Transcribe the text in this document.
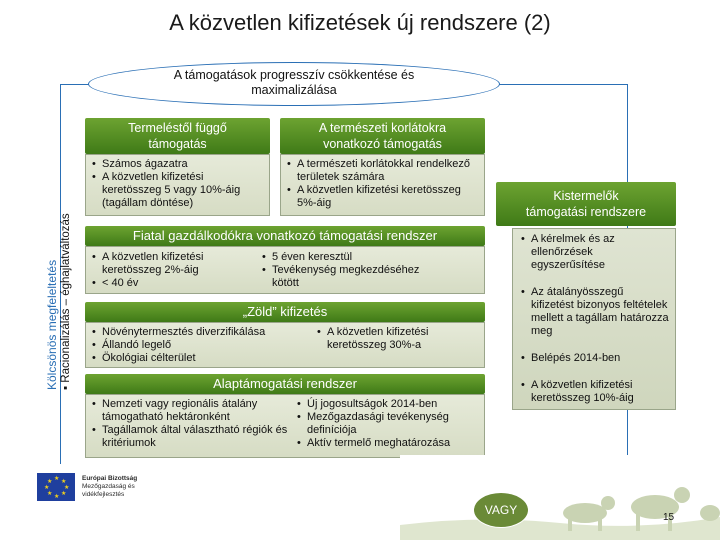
A közvetlen kifizetések új rendszere (2)
A támogatások progresszív csökkentése és
maximalizálása
Kölcsönös megfeleltetés ▪ Racionalizálás – éghajlatváltozás
Termeléstől függő
támogatás
• Számos ágazatra
• A közvetlen kifizetési keretösszeg 5 vagy 10%-áig (tagállam döntése)
A természeti korlátokra
vonatkozó támogatás
• A természeti korlátokkal rendelkező területek számára
• A közvetlen kifizetési keretösszeg 5%-áig
Fiatal gazdálkodókra vonatkozó támogatási rendszer
• A közvetlen kifizetési keretösszeg 2%-áig
• < 40 év
• 5 éven keresztül
• Tevékenység megkezdéséhez kötött
„Zöld” kifizetés
• Növénytermesztés diverzifikálása
• Állandó legelő
• Ökológiai célterület
• A közvetlen kifizetési keretösszeg 30%-a
Alaptámogatási rendszer
• Nemzeti vagy regionális átalány támogatható hektáronként
• Tagállamok által választható régiók és kritériumok
• Új jogosultságok 2014-ben
• Mezőgazdasági tevékenység definíciója
• Aktív termelő meghatározása
Kistermelők
támogatási rendszere
• A kérelmek és az ellenőrzések egyszerűsítése
• Az átalányösszegű kifizetést bizonyos feltételek mellett a tagállam határozza meg
• Belépés 2014-ben
• A közvetlen kifizetési keretösszeg 10%-áig
VAGY
★ ★
★
★
★
★
★
★	Európai Bizottság
Mezőgazdaság és
vidékfejlesztés
15
